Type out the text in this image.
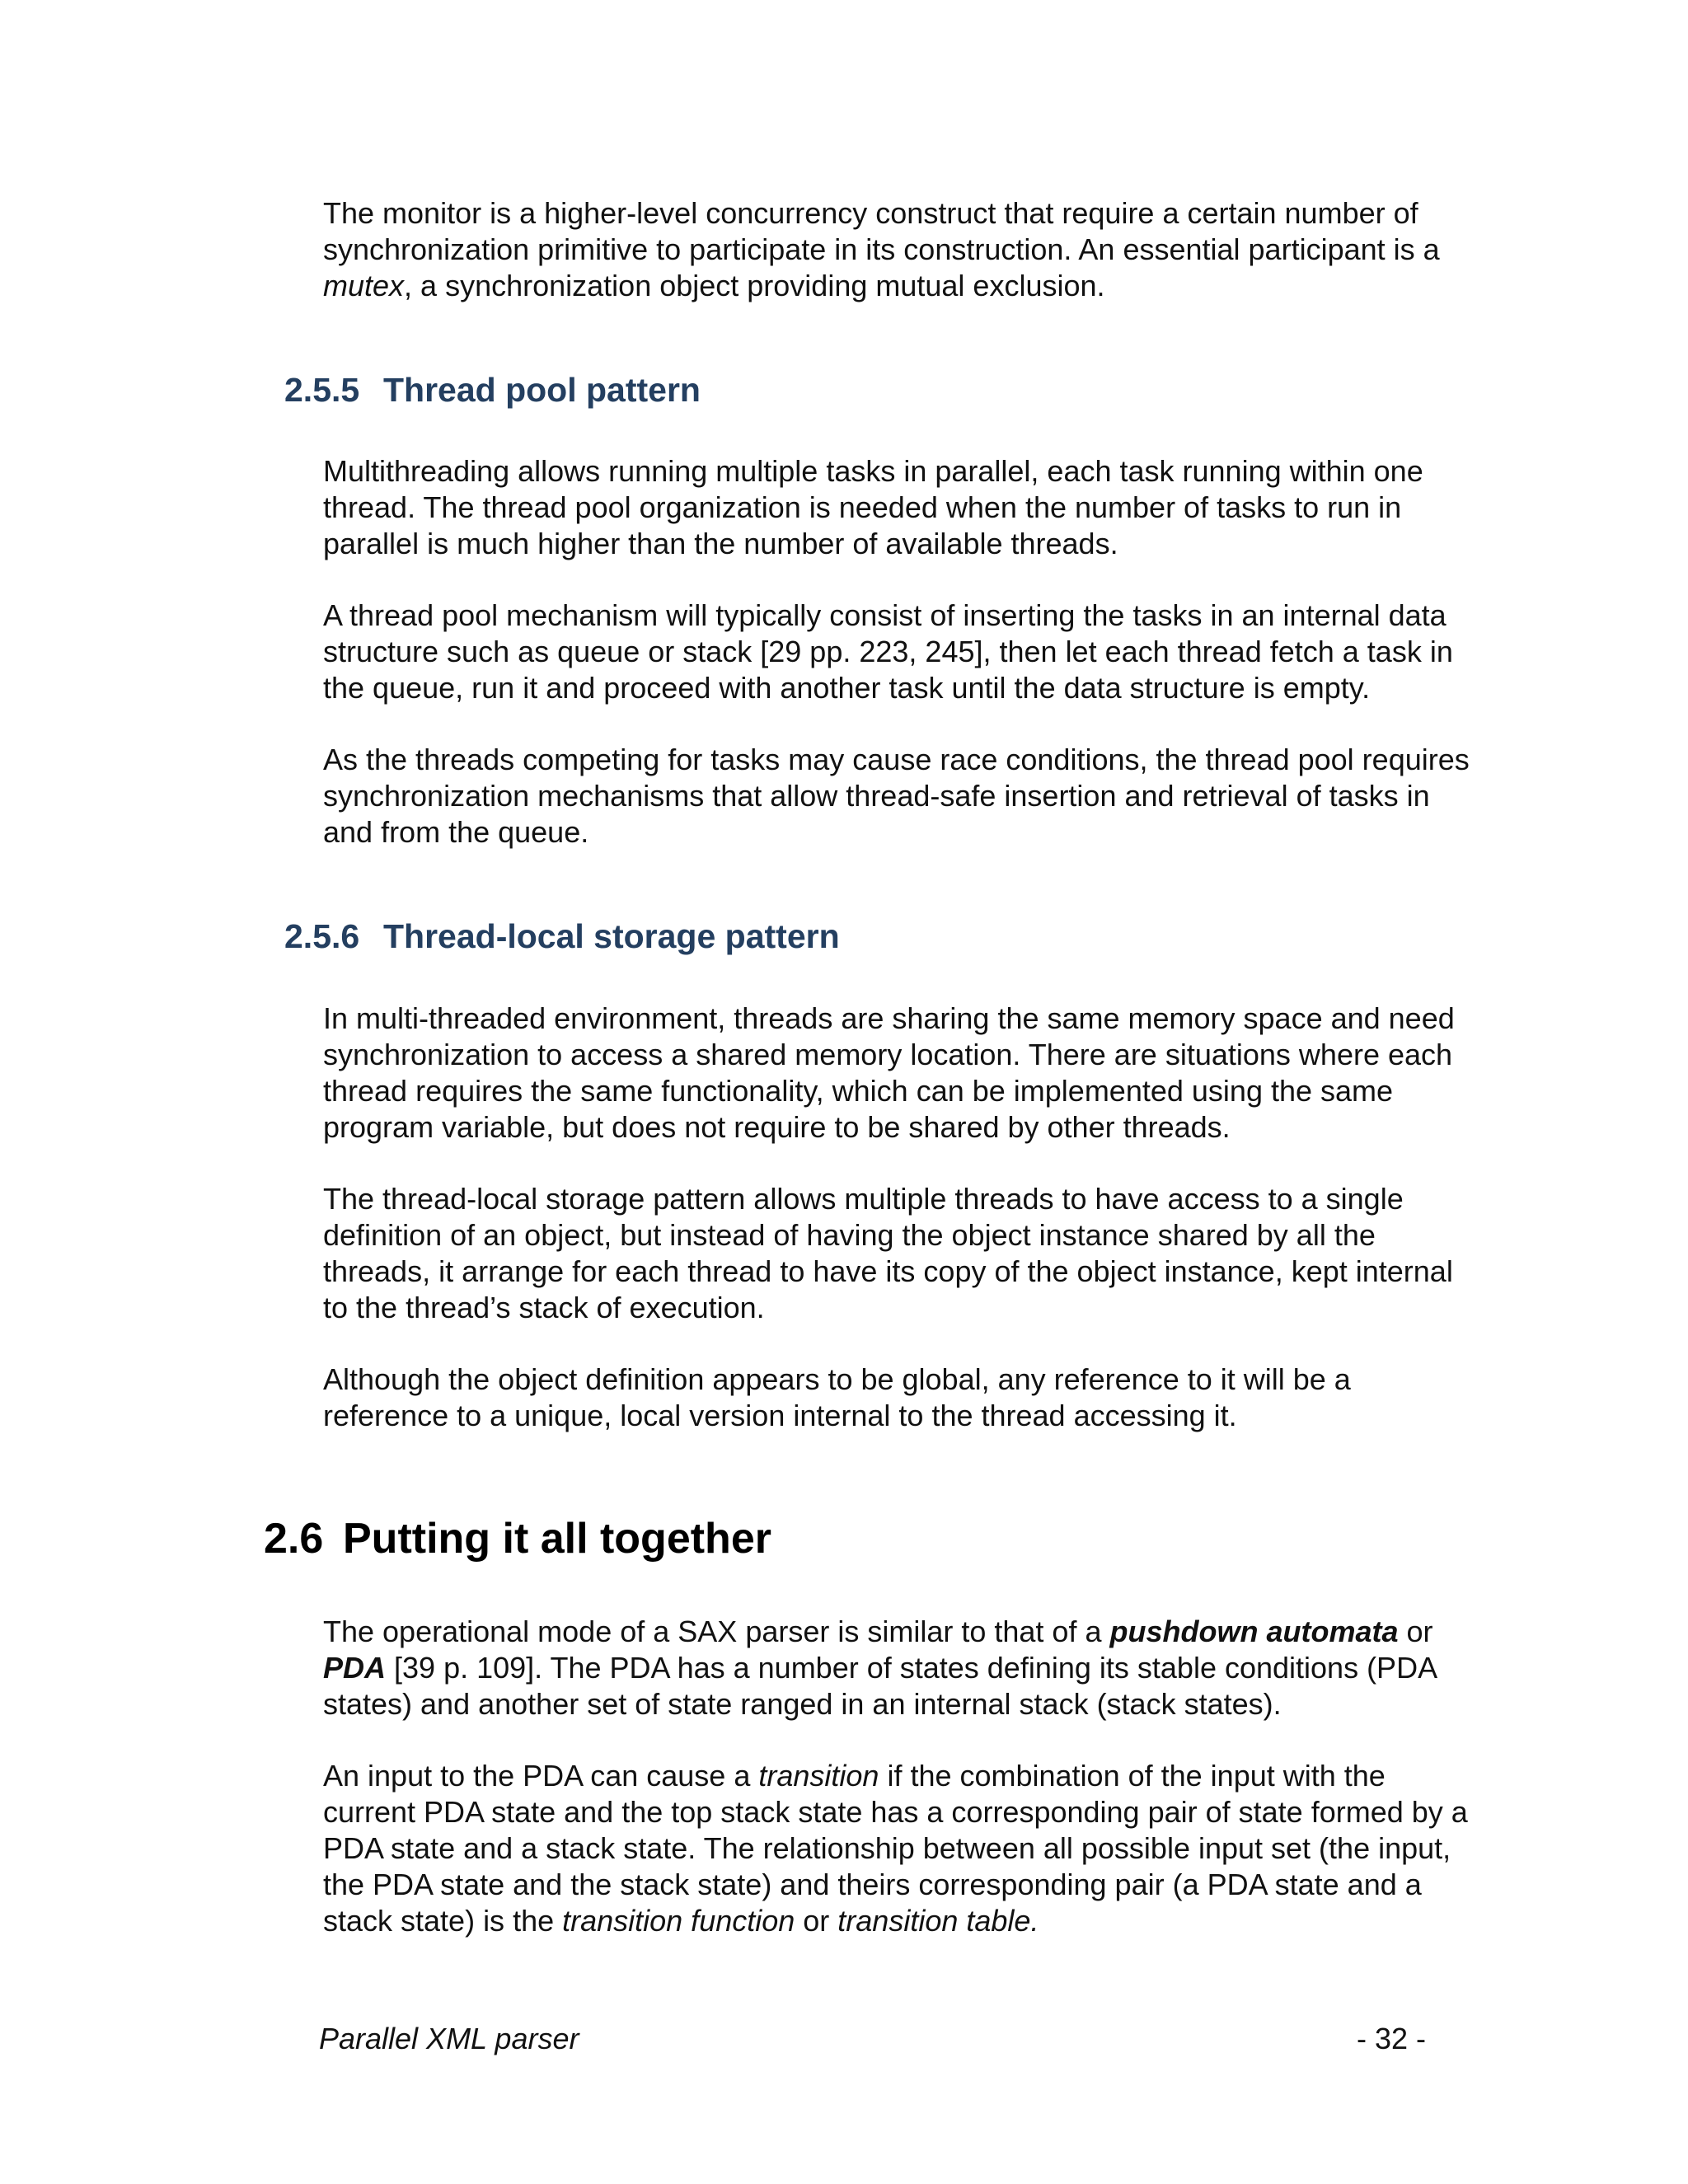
The monitor is a higher-level concurrency construct that require a certain number of
synchronization primitive to participate in its construction. An essential participant is a
mutex, a synchronization object providing mutual exclusion.

2.5.5 Thread pool pattern

Multithreading allows running multiple tasks in parallel, each task running within one
thread. The thread pool organization is needed when the number of tasks to run in
parallel is much higher than the number of available threads.

A thread pool mechanism will typically consist of inserting the tasks in an internal data
structure such as queue or stack [29 pp. 223, 245], then let each thread fetch a task in
the queue, run it and proceed with another task until the data structure is empty.

As the threads competing for tasks may cause race conditions, the thread pool requires
synchronization mechanisms that allow thread-safe insertion and retrieval of tasks in
and from the queue.

2.5.6 Thread-local storage pattern

In multi-threaded environment, threads are sharing the same memory space and need
synchronization to access a shared memory location. There are situations where each
thread requires the same functionality, which can be implemented using the same
program variable, but does not require to be shared by other threads.

The thread-local storage pattern allows multiple threads to have access to a single
definition of an object, but instead of having the object instance shared by all the
threads, it arrange for each thread to have its copy of the object instance, kept internal
to the thread’s stack of execution.

Although the object definition appears to be global, any reference to it will be a
reference to a unique, local version internal to the thread accessing it.

2.6 Putting it all together

The operational mode of a SAX parser is similar to that of a pushdown automata or
PDA [39 p. 109]. The PDA has a number of states defining its stable conditions (PDA
states) and another set of state ranged in an internal stack (stack states).

An input to the PDA can cause a transition if the combination of the input with the
current PDA state and the top stack state has a corresponding pair of state formed by a
PDA state and a stack state. The relationship between all possible input set (the input,
the PDA state and the stack state) and theirs corresponding pair (a PDA state and a
stack state) is the transition function or transition table.

Parallel XML parser	- 32 -
